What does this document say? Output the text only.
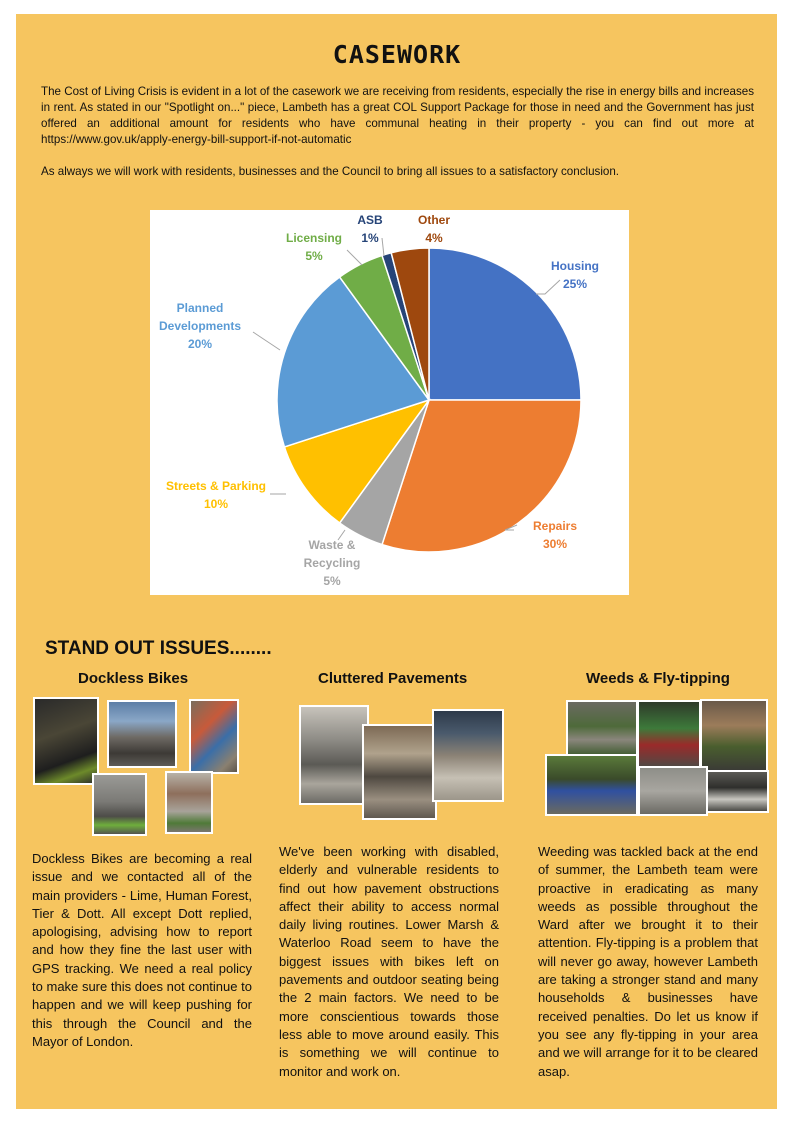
CASEWORK

The Cost of Living Crisis is evident in a lot of the casework we are receiving from residents, especially the rise in energy bills and increases in rent. As stated in our "Spotlight on..." piece, Lambeth has a great COL Support Package for those in need and the Government has just offered an additional amount for residents who have communal heating in their property - you can find out more at https://www.gov.uk/apply-energy-bill-support-if-not-automatic

As always we will work with residents, businesses and the Council to bring all issues to a satisfactory conclusion.

Housing
25%
Repairs
30%
Waste &
Recycling
5%
Streets & Parking
10%
Planned
Developments
20%
Licensing
5%
ASB
1%
Other
4%
STAND OUT ISSUES........
Dockless Bikes	Cluttered Pavements	Weeds & Fly-tipping

Dockless Bikes are becoming a real issue and we contacted all of the main providers - Lime, Human Forest, Tier & Dott. All except Dott replied, apologising, advising how to report and how they fine the last user with GPS tracking. We need a real policy to make sure this does not continue to happen and we will keep pushing for this through the Council and the Mayor of London.

We've been working with disabled, elderly and vulnerable residents to find out how pavement obstructions affect their ability to access normal daily living routines. Lower Marsh & Waterloo Road seem to have the biggest issues with bikes left on pavements and outdoor seating being the 2 main factors. We need to be more conscientious towards those less able to move around easily. This is something we will continue to monitor and work on.

Weeding was tackled back at the end of summer, the Lambeth team were proactive in eradicating as many weeds as possible throughout the Ward after we brought it to their attention. Fly-tipping is a problem that will never go away, however Lambeth are taking a stronger stand and many households & businesses have received penalties. Do let us know if you see any fly-tipping in your area and we will arrange for it to be cleared asap.
